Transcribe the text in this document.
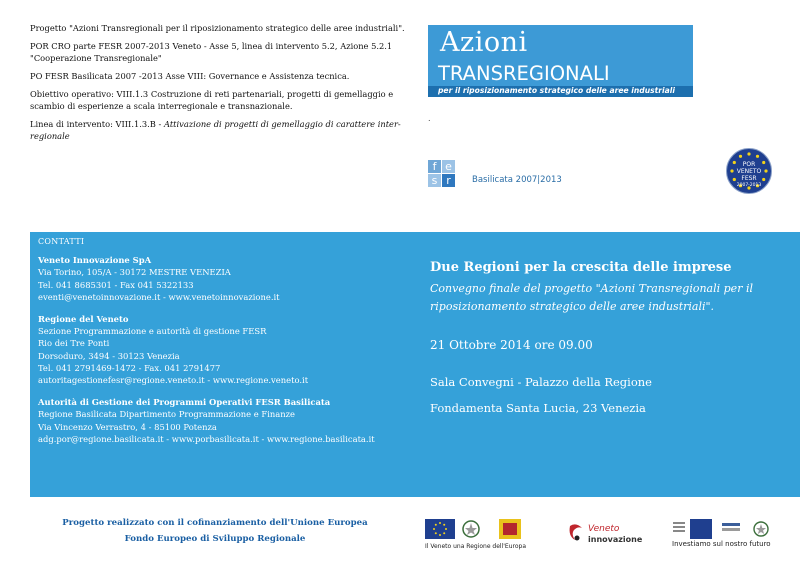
Progetto "Azioni Transregionali per il riposizionamento strategico delle aree industriali".

POR CRO parte FESR 2007-2013 Veneto - Asse 5, linea di intervento 5.2, Azione 5.2.1
"Cooperazione Transregionale"

PO FESR Basilicata 2007 -2013 Asse VIII: Governance e Assistenza tecnica.

Obiettivo operativo: VIII.1.3 Costruzione di reti partenariali, progetti di gemellaggio e scambio di esperienze a scala interregionale e transnazionale.

Linea di intervento: VIII.1.3.B - Attivazione di progetti di gemellaggio di carattere inter-regionale

Azioni
TRANSREGIONALI
per il riposizionamento strategico delle aree industriali
.
f e
s r	Basilicata 2007|2013
POR
VENETO
FESR
2007-2013
CONTATTI
Veneto Innovazione SpA
Via Torino, 105/A - 30172 MESTRE VENEZIA
Tel. 041 8685301 - Fax 041 5322133
eventi@venetoinnovazione.it - www.venetoinnovazione.it
Regione del Veneto
Sezione Programmazione e autorità di gestione FESR
Rio dei Tre Ponti
Dorsoduro, 3494 - 30123 Venezia
Tel. 041 2791469-1472 - Fax. 041 2791477
autoritagestionefesr@regione.veneto.it - www.regione.veneto.it
Autorità di Gestione dei Programmi Operativi FESR Basilicata
Regione Basilicata Dipartimento Programmazione e Finanze
Via Vincenzo Verrastro, 4 - 85100 Potenza
adg.por@regione.basilicata.it - www.porbasilicata.it - www.regione.basilicata.it
Due Regioni per la crescita delle imprese
Convegno finale del progetto "Azioni Transregionali per il riposizionamento strategico delle aree industriali".
21 Ottobre 2014 ore 09.00
Sala Convegni - Palazzo della Regione
Fondamenta Santa Lucia, 23 Venezia
Progetto realizzato con il cofinanziamento dell'Unione Europea
Fondo Europeo di Sviluppo Regionale
Il Veneto una Regione dell'Europa
Veneto
innovazione	Investiamo sul nostro futuro
